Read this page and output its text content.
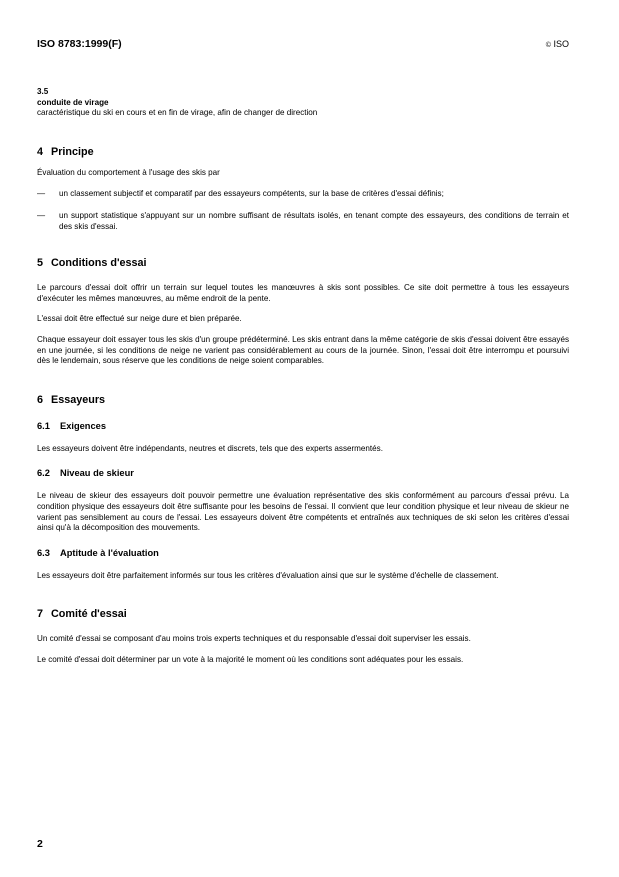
ISO 8783:1999(F)	© ISO

3.5

conduite de virage

caractéristique du ski en cours et en fin de virage, afin de changer de direction

4 Principe

Évaluation du comportement à l'usage des skis par

— un classement subjectif et comparatif par des essayeurs compétents, sur la base de critères d'essai définis;
— un support statistique s'appuyant sur un nombre suffisant de résultats isolés, en tenant compte des essayeurs, des conditions de terrain et des skis d'essai.
5 Conditions d'essai

Le parcours d'essai doit offrir un terrain sur lequel toutes les manœuvres à skis sont possibles. Ce site doit permettre à tous les essayeurs d'exécuter les mêmes manœuvres, au même endroit de la pente.

L'essai doit être effectué sur neige dure et bien préparée.

Chaque essayeur doit essayer tous les skis d'un groupe prédéterminé. Les skis entrant dans la même catégorie de skis d'essai doivent être essayés en une journée, si les conditions de neige ne varient pas considérablement au cours de la journée. Sinon, l'essai doit être interrompu et poursuivi dès le lendemain, sous réserve que les conditions de neige soient comparables.

6 Essayeurs
6.1 Exigences

Les essayeurs doivent être indépendants, neutres et discrets, tels que des experts assermentés.

6.2 Niveau de skieur

Le niveau de skieur des essayeurs doit pouvoir permettre une évaluation représentative des skis conformément au parcours d'essai prévu. La condition physique des essayeurs doit être suffisante pour les besoins de l'essai. Il convient que leur condition physique et leur niveau de skieur ne varient pas sensiblement au cours de l'essai. Les essayeurs doivent être compétents et entraînés aux techniques de ski selon les critères d'essai ainsi qu'à la décomposition des mouvements.

6.3 Aptitude à l'évaluation

Les essayeurs doit être parfaitement informés sur tous les critères d'évaluation ainsi que sur le système d'échelle de classement.

7 Comité d'essai

Un comité d'essai se composant d'au moins trois experts techniques et du responsable d'essai doit superviser les essais.

Le comité d'essai doit déterminer par un vote à la majorité le moment où les conditions sont adéquates pour les essais.

2
